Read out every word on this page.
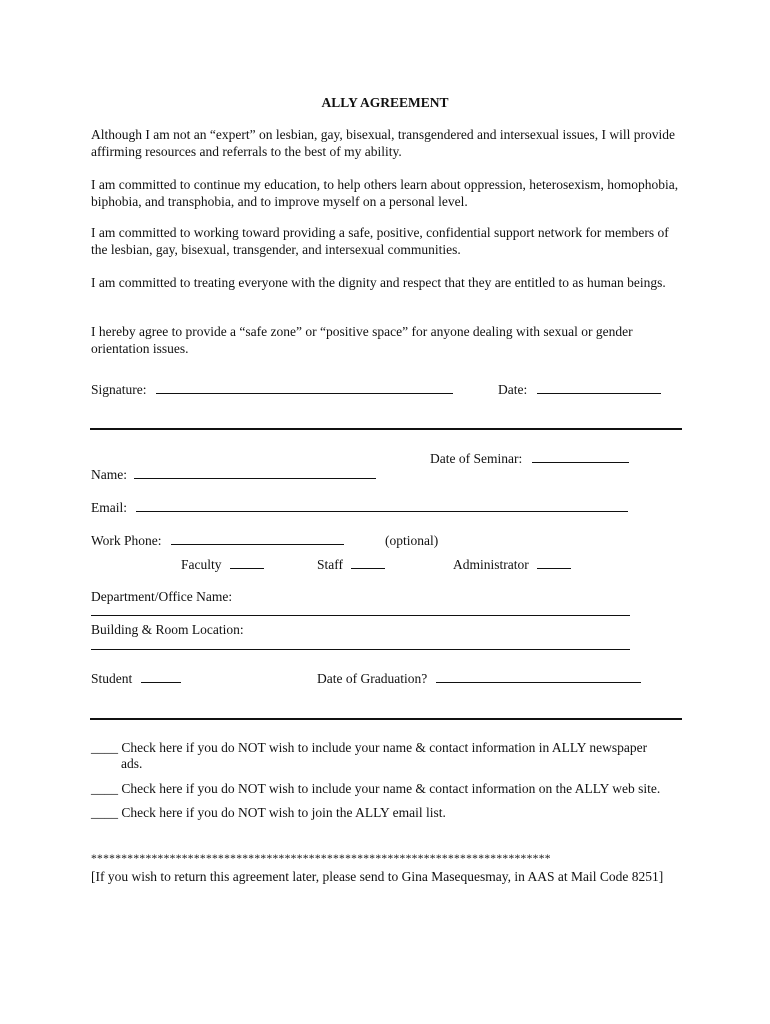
ALLY AGREEMENT

Although I am not an “expert” on lesbian, gay, bisexual, transgendered and intersexual issues, I will provide affirming resources and referrals to the best of my ability.

I am committed to continue my education, to help others learn about oppression, heterosexism, homophobia, biphobia, and transphobia, and to improve myself on a personal level.

I am committed to working toward providing a safe, positive, confidential support network for members of the lesbian, gay, bisexual, transgender, and intersexual communities.

I am committed to treating everyone with the dignity and respect that they are entitled to as human beings.

I hereby agree to provide a “safe zone” or “positive space” for anyone dealing with sexual or gender orientation issues.

Signature:	Date:
Date of Seminar:
Name:
Email:
Work Phone:	(optional)
Faculty	Staff	Administrator
Department/Office Name:
Building & Room Location:
Student	Date of Graduation?
____ Check here if you do NOT wish to include your name & contact information in ALLY newspaper
ads.
____ Check here if you do NOT wish to include your name & contact information on the ALLY web site.
____ Check here if you do NOT wish to join the ALLY email list.
****************************************************************************
[If you wish to return this agreement later, please send to Gina Masequesmay, in AAS at Mail Code 8251]
